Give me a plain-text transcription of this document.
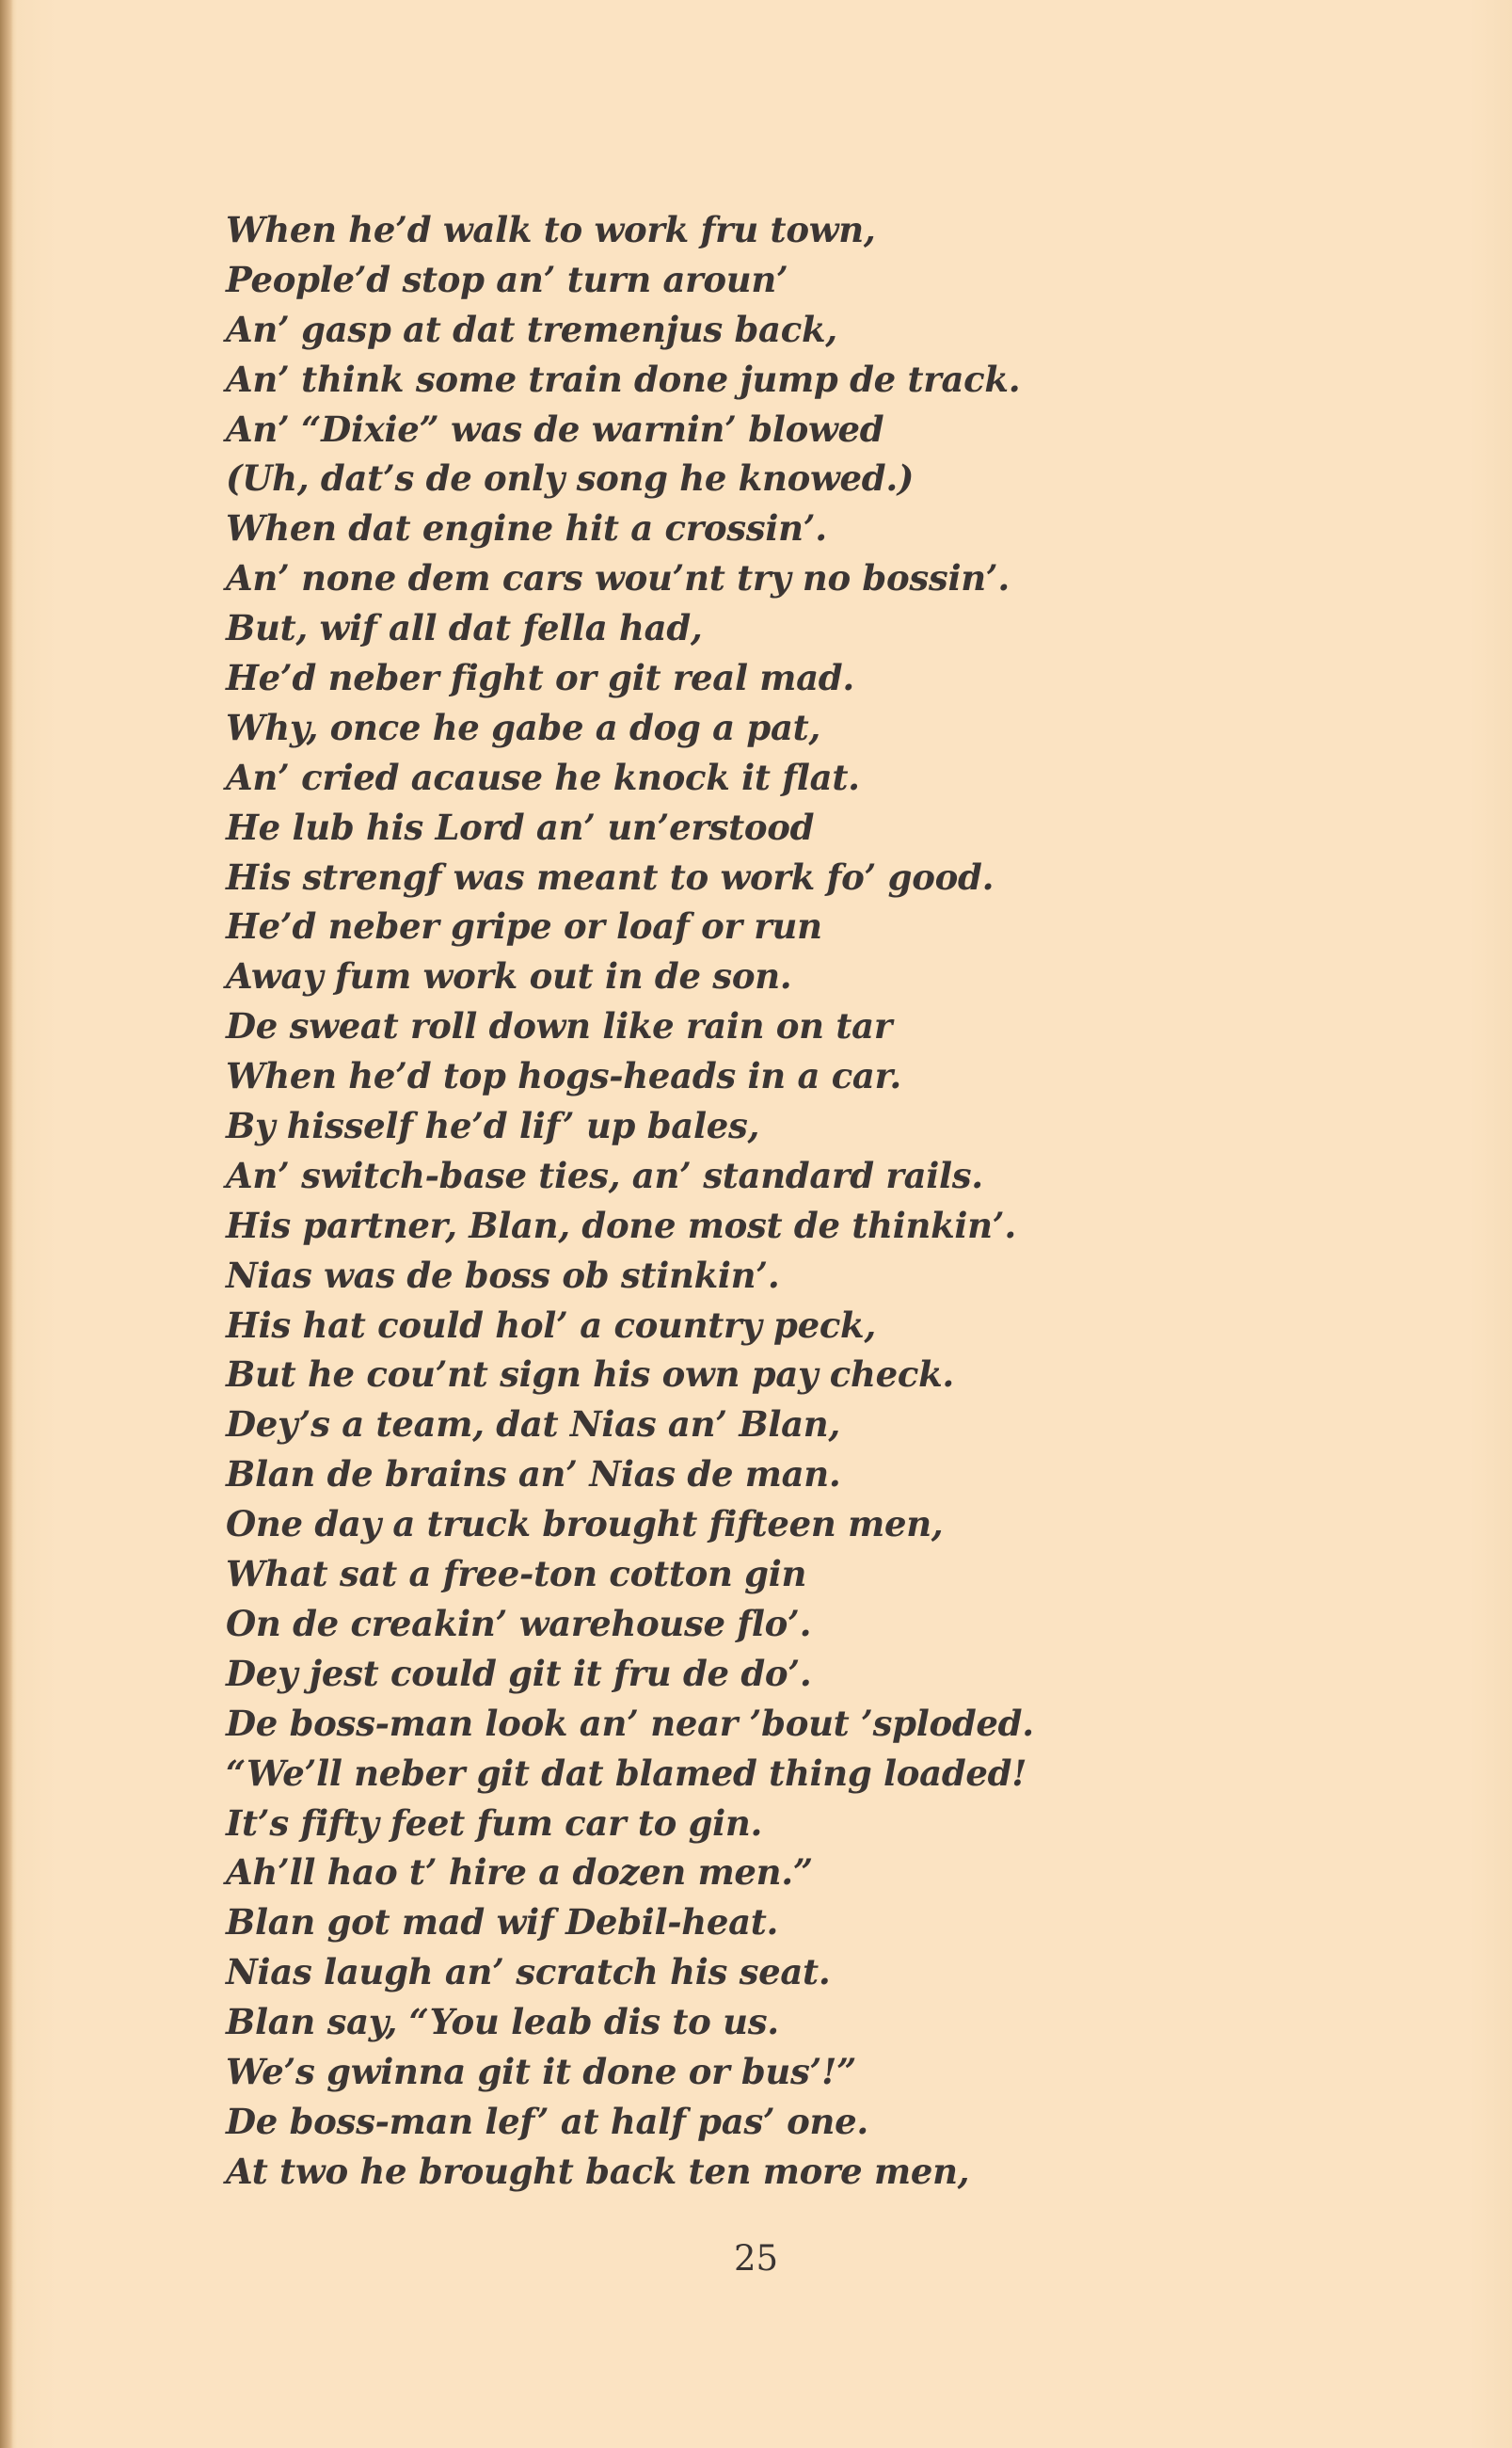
When he’d walk to work fru town,
People’d stop an’ turn aroun’
An’ gasp at dat tremenjus back,
An’ think some train done jump de track.
An’ “Dixie” was de warnin’ blowed
(Uh, dat’s de only song he knowed.)
When dat engine hit a crossin’.
An’ none dem cars wou’nt try no bossin’.
But, wif all dat fella had,
He’d neber fight or git real mad.
Why, once he gabe a dog a pat,
An’ cried acause he knock it flat.
He lub his Lord an’ un’erstood
His strengf was meant to work fo’ good.
He’d neber gripe or loaf or run
Away fum work out in de son.
De sweat roll down like rain on tar
When he’d top hogs-heads in a car.
By hisself he’d lif’ up bales,
An’ switch-base ties, an’ standard rails.
His partner, Blan, done most de thinkin’.
Nias was de boss ob stinkin’.
His hat could hol’ a country peck,
But he cou’nt sign his own pay check.
Dey’s a team, dat Nias an’ Blan,
Blan de brains an’ Nias de man.
One day a truck brought fifteen men,
What sat a free-ton cotton gin
On de creakin’ warehouse flo’.
Dey jest could git it fru de do’.
De boss-man look an’ near ’bout ’sploded.
“We’ll neber git dat blamed thing loaded!
It’s fifty feet fum car to gin.
Ah’ll hao t’ hire a dozen men.”
Blan got mad wif Debil-heat.
Nias laugh an’ scratch his seat.
Blan say, “You leab dis to us.
We’s gwinna git it done or bus’!”
De boss-man lef’ at half pas’ one.
At two he brought back ten more men,
25
